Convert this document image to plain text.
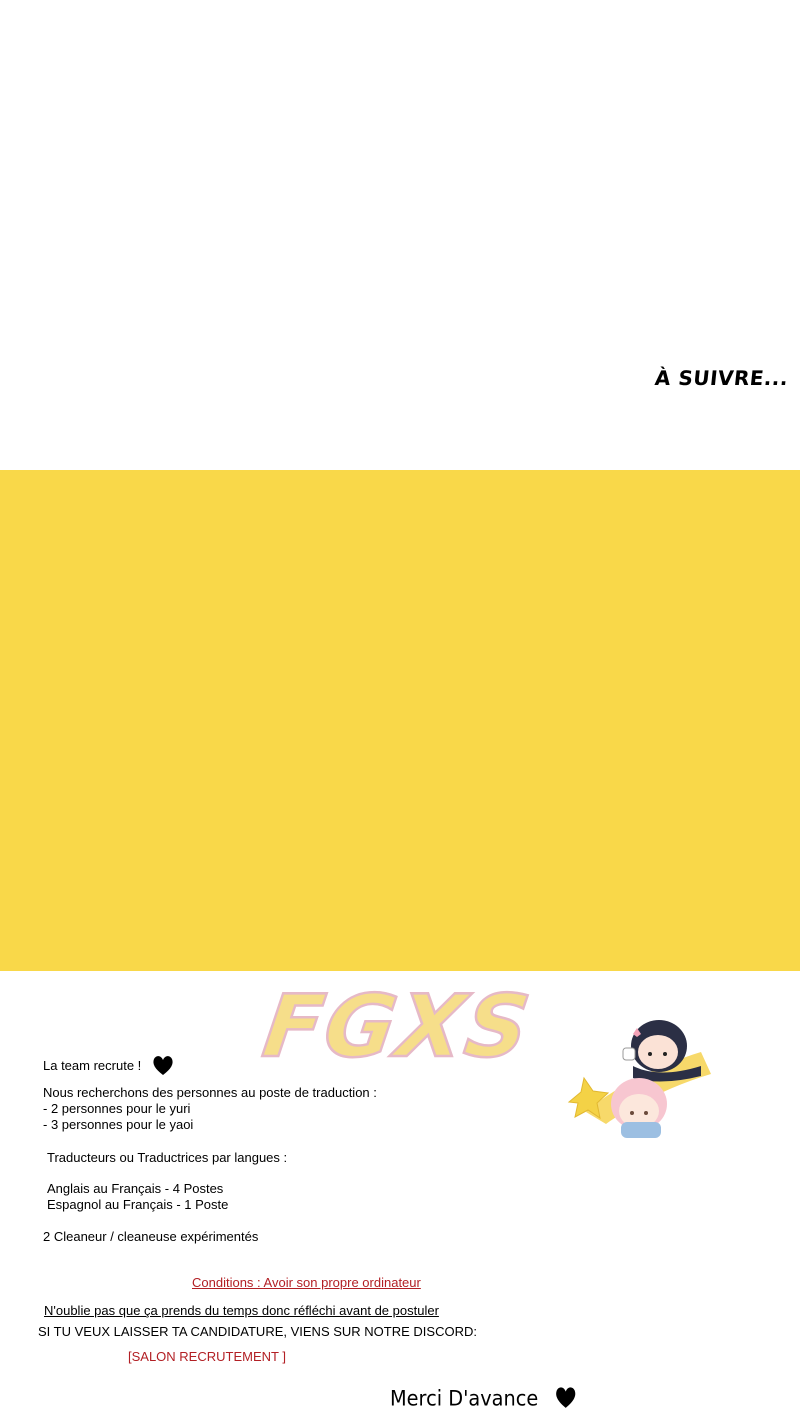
À SUIVRE...
FGXS
La team recrute !
Nous recherchons des personnes au poste de traduction :
- 2 personnes pour le yuri
- 3 personnes pour le yaoi
Traducteurs ou Traductrices par langues :
Anglais au Français - 4 Postes
Espagnol au Français - 1 Poste
2 Cleaneur / cleaneuse expérimentés
Conditions : Avoir son propre ordinateur
N'oublie pas que ça prends du temps donc réfléchi avant de postuler
SI TU VEUX LAISSER TA CANDIDATURE, VIENS SUR NOTRE DISCORD:
[SALON RECRUTEMENT ]
Merci D'avance
